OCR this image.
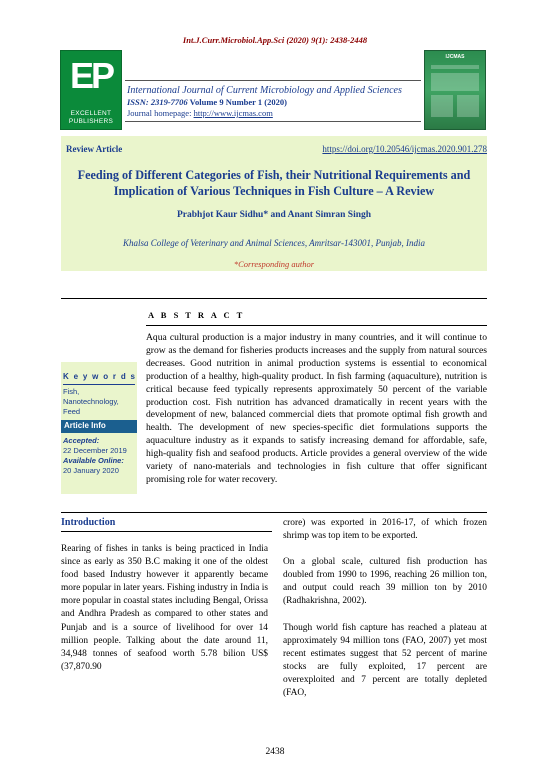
Int.J.Curr.Microbiol.App.Sci (2020) 9(1): 2438-2448
EP
EXCELLENT
PUBLISHERS
International Journal of Current Microbiology and Applied Sciences
ISSN: 2319-7706 Volume 9 Number 1 (2020)
Journal homepage: http://www.ijcmas.com
IJCMAS
Review Article	https://doi.org/10.20546/ijcmas.2020.901.278
Feeding of Different Categories of Fish, their Nutritional Requirements and
Implication of Various Techniques in Fish Culture – A Review
Prabhjot Kaur Sidhu* and Anant Simran Singh
Khalsa College of Veterinary and Animal Sciences, Amritsar-143001, Punjab, India
*Corresponding author
A B S T R A C T
K e y w o r d s
Fish,
Nanotechnology,
Feed
Article Info
Accepted:
22 December 2019
Available Online:
20 January 2020
Aqua cultural production is a major industry in many countries, and it will continue to grow as the demand for fisheries products increases and the supply from natural sources decreases. Good nutrition in animal production systems is essential to economical production of a healthy, high-quality product. In fish farming (aquaculture), nutrition is critical because feed typically represents approximately 50 percent of the variable production cost. Fish nutrition has advanced dramatically in recent years with the development of new, balanced commercial diets that promote optimal fish growth and health. The development of new species-specific diet formulations supports the aquaculture industry as it expands to satisfy increasing demand for affordable, safe, high-quality fish and seafood products. Article provides a general overview of the wide variety of nano-materials and technologies in fish culture that offer significant promising role for water recovery.
Introduction

Rearing of fishes in tanks is being practiced in India since as early as 350 B.C making it one of the oldest food based Industry however it apparently became more popular in later years. Fishing industry in India is more popular in coastal states including Bengal, Orissa and Andhra Pradesh as compared to other states and Punjab and is a source of livelihood for over 14 million people. Talking about the date around 11, 34,948 tonnes of seafood worth 5.78 bilion US$ (37,870.90

crore) was exported in 2016-17, of which frozen shrimp was top item to be exported.

On a global scale, cultured fish production has doubled from 1990 to 1996, reaching 26 million ton, and output could reach 39 million ton by 2010 (Radhakrishna, 2002).

Though world fish capture has reached a plateau at approximately 94 million tons (FAO, 2007) yet most recent estimates suggest that 52 percent of marine stocks are fully exploited, 17 percent are overexploited and 7 percent are totally depleted (FAO,

2438
